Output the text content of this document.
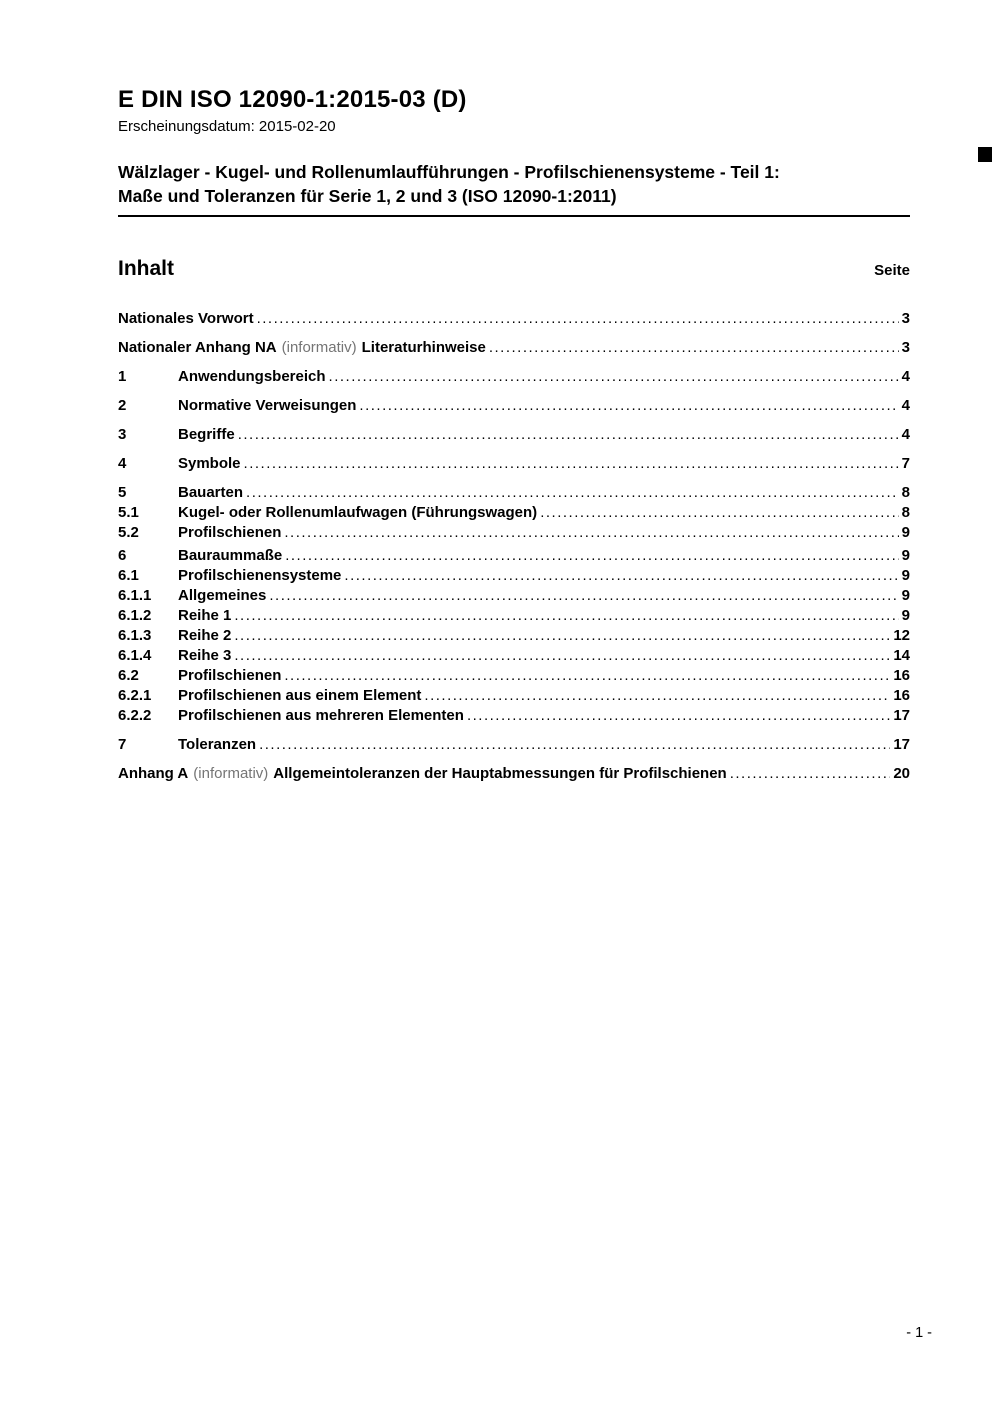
E DIN ISO 12090-1:2015-03 (D)
Erscheinungsdatum: 2015-02-20
Wälzlager - Kugel- und Rollenumlaufführungen - Profilschienensysteme - Teil 1:
Maße und Toleranzen für Serie 1, 2 und 3 (ISO 12090-1:2011)
Inhalt	Seite
Nationales Vorwort .....	3
Nationaler Anhang NA (informativ) Literaturhinweise .....	3
1	Anwendungsbereich .....	4
2	Normative Verweisungen .....	4
3	Begriffe .....	4
4	Symbole .....	7
5	Bauarten .....	8
5.1	Kugel- oder Rollenumlaufwagen (Führungswagen) .....	8
5.2	Profilschienen .....	9
6	Bauraummaße .....	9
6.1	Profilschienensysteme .....	9
6.1.1	Allgemeines .....	9
6.1.2	Reihe 1 .....	9
6.1.3	Reihe 2 .....	12
6.1.4	Reihe 3 .....	14
6.2	Profilschienen .....	16
6.2.1	Profilschienen aus einem Element .....	16
6.2.2	Profilschienen aus mehreren Elementen .....	17
7	Toleranzen .....	17
Anhang A (informativ) Allgemeintoleranzen der Hauptabmessungen für Profilschienen .....	20
- 1 -
